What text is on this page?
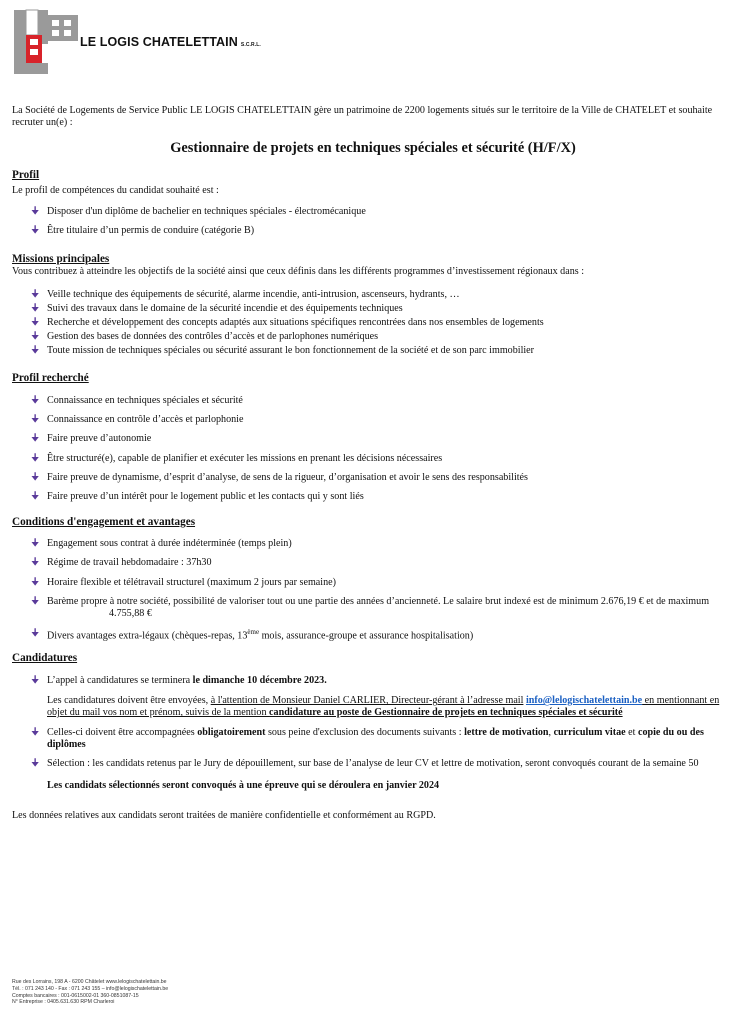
LE LOGIS CHATELETTAIN S.C.R.L.

La Société de Logements de Service Public LE LOGIS CHATELETTAIN gère un patrimoine de 2200 logements situés sur le territoire de la Ville de CHATELET et souhaite recruter un(e) :

Gestionnaire de projets en techniques spéciales et sécurité (H/F/X)

Profil

Le profil de compétences du candidat souhaité est :

🠋 Disposer d'un diplôme de bachelier en techniques spéciales - électromécanique
🠋 Être titulaire d’un permis de conduire (catégorie B)
Missions principales

Vous contribuez à atteindre les objectifs de la société ainsi que ceux définis dans les différents programmes d’investissement régionaux dans :

🠋 Veille technique des équipements de sécurité, alarme incendie, anti-intrusion, ascenseurs, hydrants, …
🠋 Suivi des travaux dans le domaine de la sécurité incendie et des équipements techniques
🠋 Recherche et développement des concepts adaptés aux situations spécifiques rencontrées dans nos ensembles de logements
🠋 Gestion des bases de données des contrôles d’accès et de parlophones numériques
🠋 Toute mission de techniques spéciales ou sécurité assurant le bon fonctionnement de la société et de son parc immobilier
Profil recherché
🠋 Connaissance en techniques spéciales et sécurité
🠋 Connaissance en contrôle d’accès et parlophonie
🠋 Faire preuve d’autonomie
🠋 Être structuré(e), capable de planifier et exécuter les missions en prenant les décisions nécessaires
🠋 Faire preuve de dynamisme, d’esprit d’analyse, de sens de la rigueur, d’organisation et avoir le sens des responsabilités
🠋 Faire preuve d’un intérêt pour le logement public et les contacts qui y sont liés
Conditions d'engagement et avantages
🠋 Engagement sous contrat à durée indéterminée (temps plein)
🠋 Régime de travail hebdomadaire : 37h30
🠋 Horaire flexible et télétravail structurel (maximum 2 jours par semaine)
🠋 Barème propre à notre société, possibilité de valoriser tout ou une partie des années d’ancienneté. Le salaire brut indexé est de minimum 2.676,19 € et de maximum4.755,88 €
🠋 Divers avantages extra-légaux (chèques-repas, 13ème mois, assurance-groupe et assurance hospitalisation)
Candidatures
🠋 L’appel à candidatures se terminera le dimanche 10 décembre 2023.

Les candidatures doivent être envoyées, à l'attention de Monsieur Daniel CARLIER, Directeur-gérant à l’adresse mail info@lelogischatelettain.be en mentionnant en objet du mail vos nom et prénom, suivis de la mention candidature au poste de Gestionnaire de projets en techniques spéciales et sécurité

🠋 Celles-ci doivent être accompagnées obligatoirement sous peine d'exclusion des documents suivants : lettre de motivation, curriculum vitae et copie du ou des diplômes
🠋 Sélection : les candidats retenus par le Jury de dépouillement, sur base de l’analyse de leur CV et lettre de motivation, seront convoqués courant de la semaine 50

Les candidats sélectionnés seront convoqués à une épreuve qui se déroulera en janvier 2024

Les données relatives aux candidats seront traitées de manière confidentielle et conformément au RGPD.

Rue des Lorrains, 198 A - 6200 Châtelet www.lelogischatelettain.be
Tél. : 071 243 140 - Fax : 071 243 155 – info@lelogischatelettain.be
Comptes bancaires : 001-0615002-01 360-0851087-15
N° Entreprise : 0405.631.630 RPM Charleroi
